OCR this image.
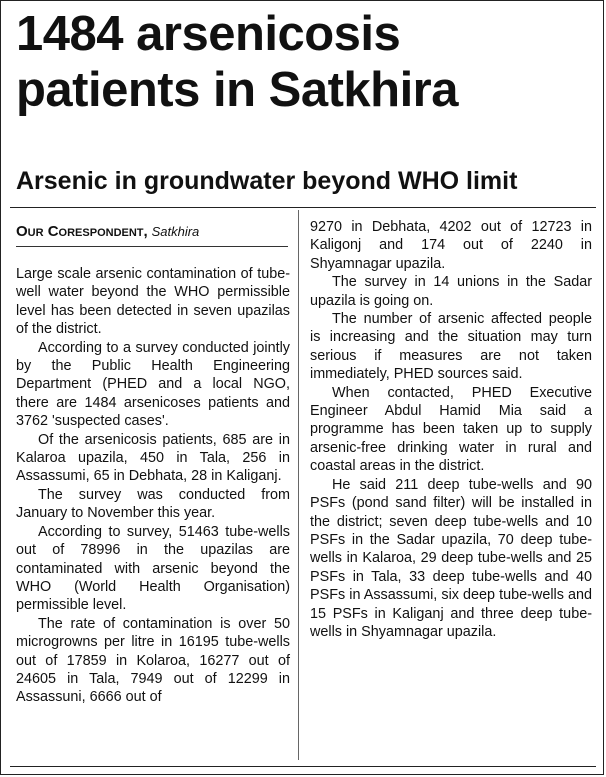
1484 arsenicosis patients in Satkhira
Arsenic in groundwater beyond WHO limit
Our Corespondent, Satkhira

Large scale arsenic contamination of tube-well water beyond the WHO permissible level has been detected in seven upazilas of the district.

According to a survey conducted jointly by the Public Health Engineering Department (PHED and a local NGO, there are 1484 arsenicoses patients and 3762 'suspected cases'.

Of the arsenicosis patients, 685 are in Kalaroa upazila, 450 in Tala, 256 in Assassumi, 65 in Debhata, 28 in Kaliganj.

The survey was conducted from January to November this year.

According to survey, 51463 tube-wells out of 78996 in the upazilas are contaminated with arsenic beyond the WHO (World Health Organisation) permissible level.

The rate of contamination is over 50 microgrowns per litre in 16195 tube-wells out of 17859 in Kolaroa, 16277 out of 24605 in Tala, 7949 out of 12299 in Assassuni, 6666 out of

9270 in Debhata, 4202 out of 12723 in Kaligonj and 174 out of 2240 in Shyamnagar upazila.

The survey in 14 unions in the Sadar upazila is going on.

The number of arsenic affected people is increasing and the situation may turn serious if measures are not taken immediately, PHED sources said.

When contacted, PHED Executive Engineer Abdul Hamid Mia said a programme has been taken up to supply arsenic-free drinking water in rural and coastal areas in the district.

He said 211 deep tube-wells and 90 PSFs (pond sand filter) will be installed in the district; seven deep tube-wells and 10 PSFs in the Sadar upazila, 70 deep tube-wells in Kalaroa, 29 deep tube-wells and 25 PSFs in Tala, 33 deep tube-wells and 40 PSFs in Assassumi, six deep tube-wells and 15 PSFs in Kaliganj and three deep tube-wells in Shyamnagar upazila.
